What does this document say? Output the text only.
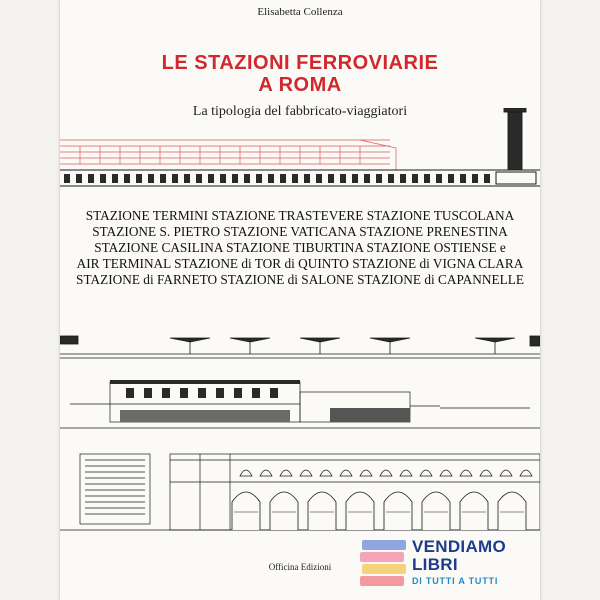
Elisabetta Collenza
LE STAZIONI FERROVIARIE
A ROMA
La tipologia del fabbricato-viaggiatori
STAZIONE TERMINI STAZIONE TRASTEVERE STAZIONE TUSCOLANA
STAZIONE S. PIETRO STAZIONE VATICANA STAZIONE PRENESTINA
STAZIONE CASILINA STAZIONE TIBURTINA STAZIONE OSTIENSE e
AIR TERMINAL STAZIONE di TOR di QUINTO STAZIONE di VIGNA CLARA
STAZIONE di FARNETO STAZIONE di SALONE STAZIONE di CAPANNELLE
Officina Edizioni
VENDIAMO
LIBRI
DI TUTTI A TUTTI
